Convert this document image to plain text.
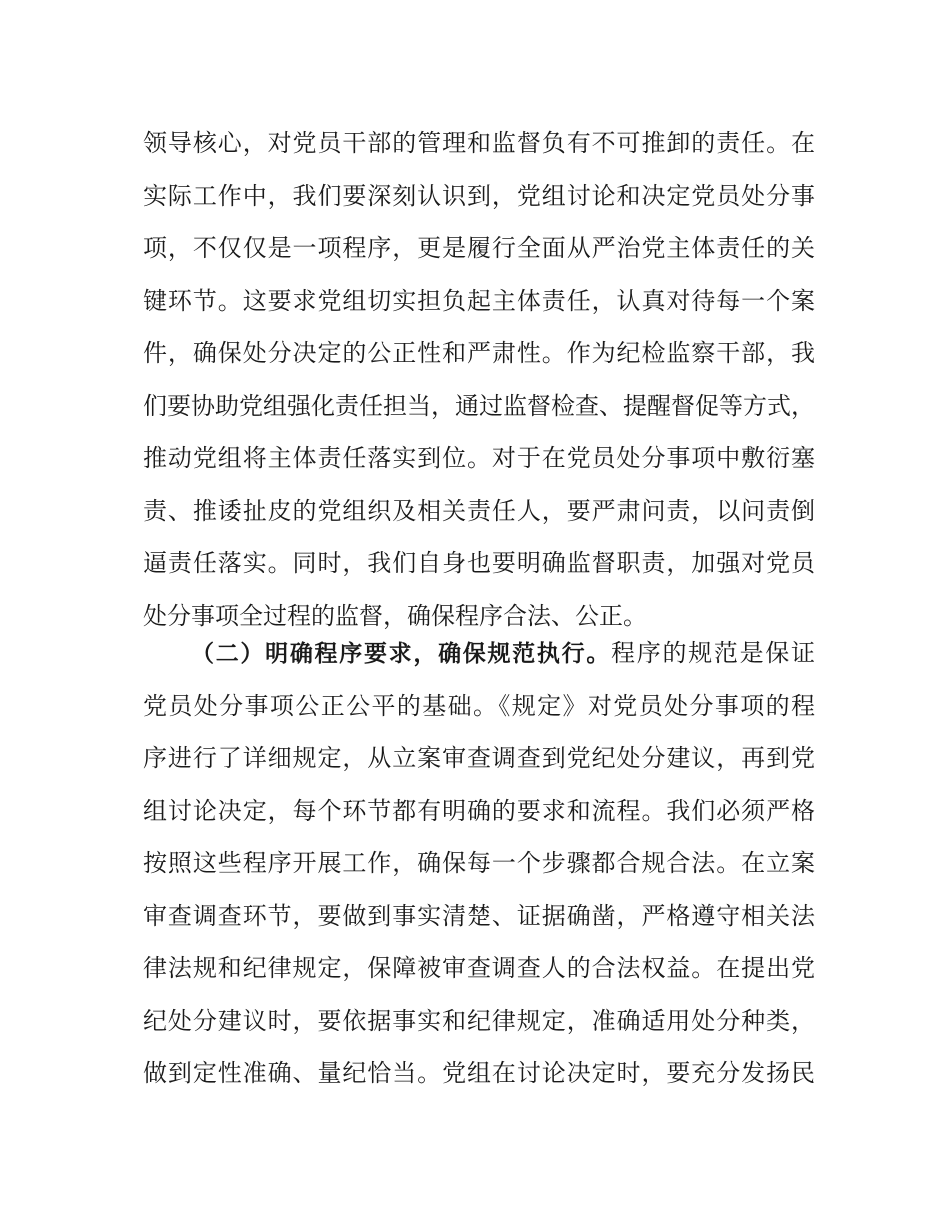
领导核心，对党员干部的管理和监督负有不可推卸的责任。在
实际工作中，我们要深刻认识到，党组讨论和决定党员处分事
项，不仅仅是一项程序，更是履行全面从严治党主体责任的关
键环节。这要求党组切实担负起主体责任，认真对待每一个案
件，确保处分决定的公正性和严肃性。作为纪检监察干部，我
们要协助党组强化责任担当，通过监督检查、提醒督促等方式，
推动党组将主体责任落实到位。对于在党员处分事项中敷衍塞
责、推诿扯皮的党组织及相关责任人，要严肃问责，以问责倒
逼责任落实。同时，我们自身也要明确监督职责，加强对党员
处分事项全过程的监督，确保程序合法、公正。
（二）明确程序要求，确保规范执行。程序的规范是保证
党员处分事项公正公平的基础。《规定》对党员处分事项的程
序进行了详细规定，从立案审查调查到党纪处分建议，再到党
组讨论决定，每个环节都有明确的要求和流程。我们必须严格
按照这些程序开展工作，确保每一个步骤都合规合法。在立案
审查调查环节，要做到事实清楚、证据确凿，严格遵守相关法
律法规和纪律规定，保障被审查调查人的合法权益。在提出党
纪处分建议时，要依据事实和纪律规定，准确适用处分种类，
做到定性准确、量纪恰当。党组在讨论决定时，要充分发扬民
